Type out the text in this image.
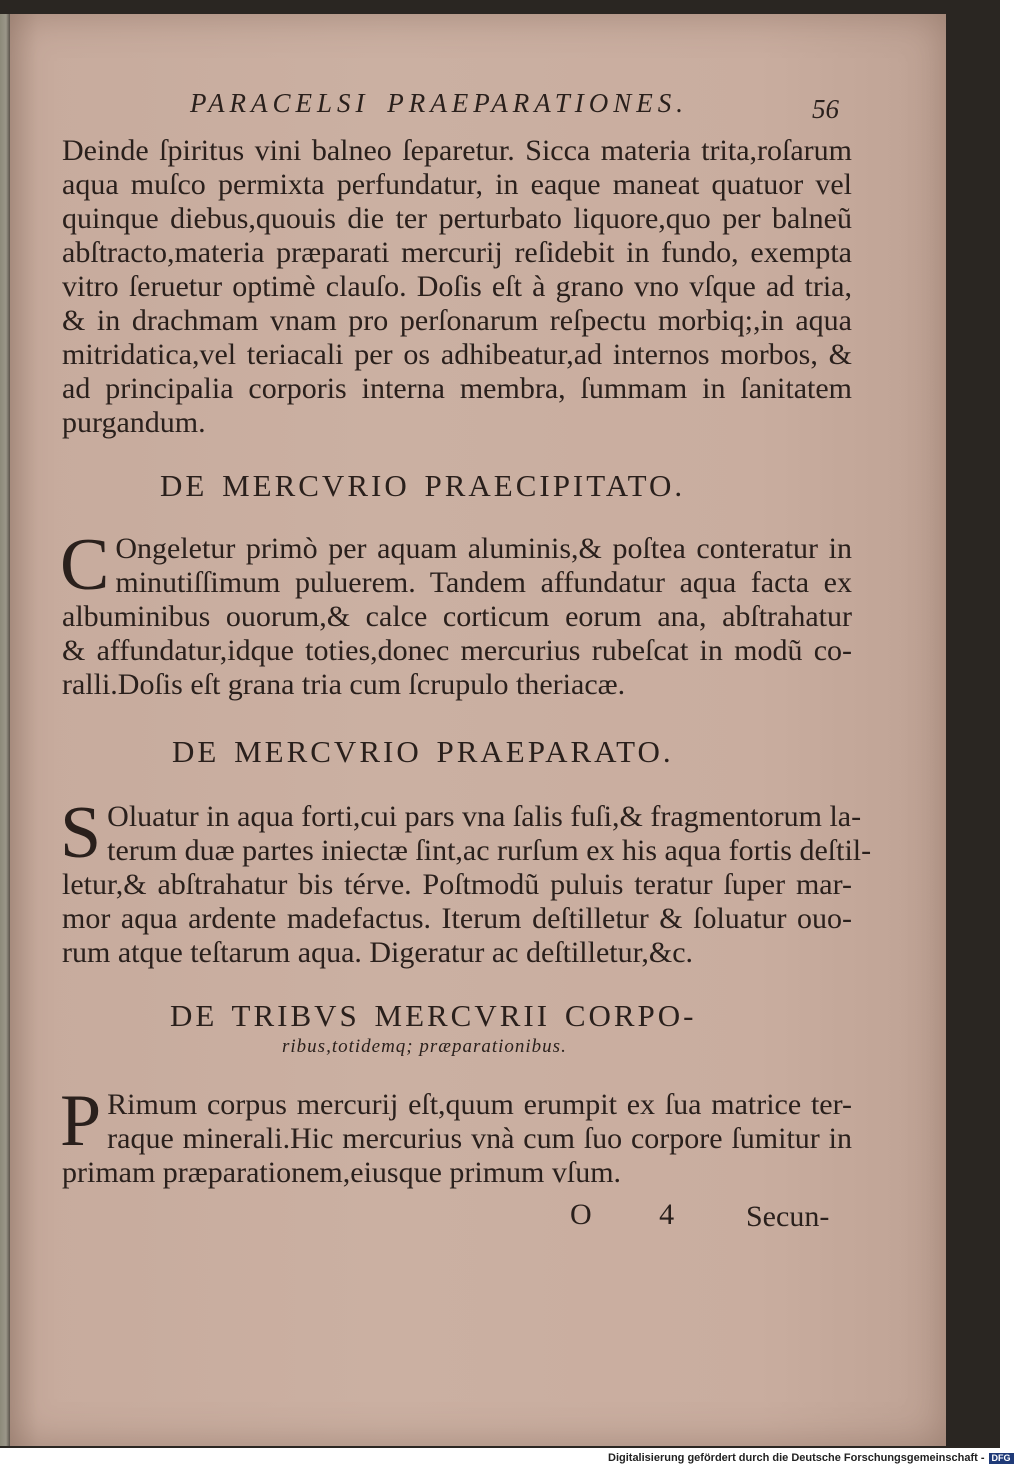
PARACELSI PRAEPARATIONES.	56
Deinde ſpiritus vini balneo ſeparetur. Sicca materia trita,roſarum
aqua muſco permixta perfundatur, in eaque maneat quatuor vel
quinque diebus,quouis die ter perturbato liquore,quo per balneũ
abſtracto,materia præparati mercurij reſidebit in fundo, exempta
vitro ſeruetur optimè clauſo. Doſis eſt à grano vno vſque ad tria,
& in drachmam vnam pro perſonarum reſpectu morbiq;,in aqua
mitridatica,vel teriacali per os adhibeatur,ad internos morbos, &
ad principalia corporis interna membra, ſummam in ſanitatem
purgandum.
DE MERCVRIO PRAECIPITATO.
C Ongeletur primò per aquam aluminis,& poſtea conteratur in
minutiſſimum puluerem. Tandem affundatur aqua facta ex
albuminibus ouorum,& calce corticum eorum ana, abſtrahatur
& affundatur,idque toties,donec mercurius rubeſcat in modũ co-
ralli.Doſis eſt grana tria cum ſcrupulo theriacæ.
DE MERCVRIO PRAEPARATO.
S Oluatur in aqua forti,cui pars vna ſalis fuſi,& fragmentorum la-
terum duæ partes iniectæ ſint,ac rurſum ex his aqua fortis deſtil-
letur,& abſtrahatur bis térve. Poſtmodũ puluis teratur ſuper mar-
mor aqua ardente madefactus. Iterum deſtilletur & ſoluatur ouo-
rum atque teſtarum aqua. Digeratur ac deſtilletur,&c.
DE TRIBVS MERCVRII CORPO-
ribus,totidemq; præparationibus.
P Rimum corpus mercurij eſt,quum erumpit ex ſua matrice ter-
raque minerali.Hic mercurius vnà cum ſuo corpore ſumitur in
primam præparationem,eiusque primum vſum.
O 4 Secun-
Digitalisierung gefördert durch die Deutsche Forschungsgemeinschaft - DFG
